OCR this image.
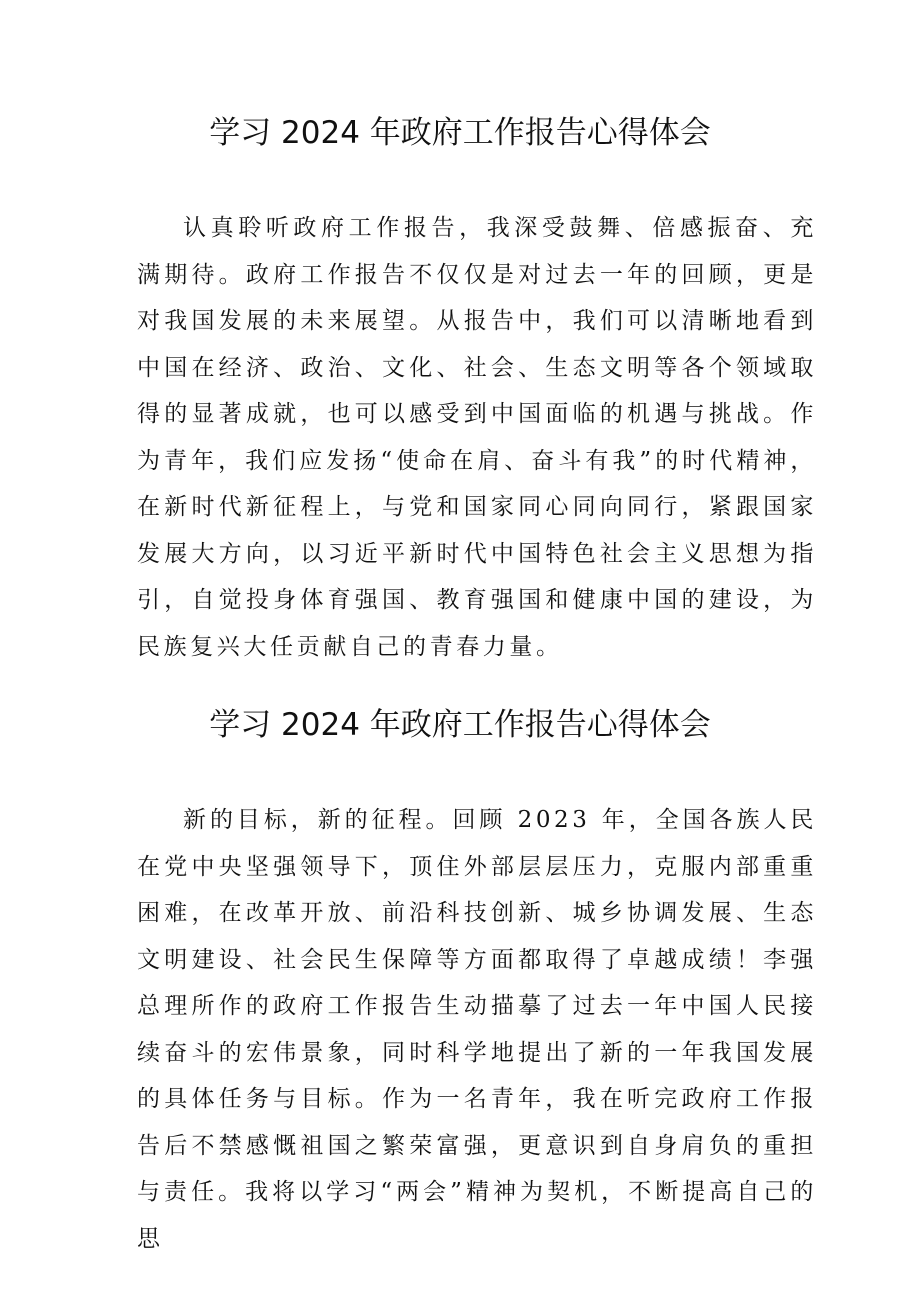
学习 2024 年政府工作报告心得体会

认真聆听政府工作报告，我深受鼓舞、倍感振奋、充满期待。政府工作报告不仅仅是对过去一年的回顾，更是对我国发展的未来展望。从报告中，我们可以清晰地看到中国在经济、政治、文化、社会、生态文明等各个领域取得的显著成就，也可以感受到中国面临的机遇与挑战。作为青年，我们应发扬“使命在肩、奋斗有我”的时代精神，在新时代新征程上，与党和国家同心同向同行，紧跟国家发展大方向，以习近平新时代中国特色社会主义思想为指引，自觉投身体育强国、教育强国和健康中国的建设，为民族复兴大任贡献自己的青春力量。

学习 2024 年政府工作报告心得体会

新的目标，新的征程。回顾 2023 年，全国各族人民在党中央坚强领导下，顶住外部层层压力，克服内部重重困难，在改革开放、前沿科技创新、城乡协调发展、生态文明建设、社会民生保障等方面都取得了卓越成绩！李强总理所作的政府工作报告生动描摹了过去一年中国人民接续奋斗的宏伟景象，同时科学地提出了新的一年我国发展的具体任务与目标。作为一名青年，我在听完政府工作报告后不禁感慨祖国之繁荣富强，更意识到自身肩负的重担与责任。我将以学习“两会”精神为契机，不断提高自己的思
